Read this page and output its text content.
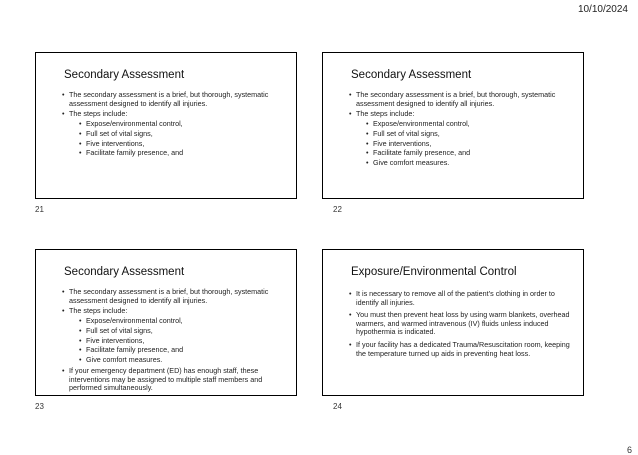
10/10/2024
Secondary Assessment
• The secondary assessment is a brief, but thorough, systematic assessment designed to identify all injuries.
• The steps include:
• Expose/environmental control,
• Full set of vital signs,
• Five interventions,
• Facilitate family presence, and
21
Secondary Assessment
• The secondary assessment is a brief, but thorough, systematic assessment designed to identify all injuries.
• The steps include:
• Expose/environmental control,
• Full set of vital signs,
• Five interventions,
• Facilitate family presence, and
• Give comfort measures.
22
Secondary Assessment
• The secondary assessment is a brief, but thorough, systematic assessment designed to identify all injuries.
• The steps include:
• Expose/environmental control,
• Full set of vital signs,
• Five interventions,
• Facilitate family presence, and
• Give comfort measures.
• If your emergency department (ED) has enough staff, these interventions may be assigned to multiple staff members and performed simultaneously.
23
Exposure/Environmental Control
• It is necessary to remove all of the patient’s clothing in order to identify all injuries.
• You must then prevent heat loss by using warm blankets, overhead warmers, and warmed intravenous (IV) fluids unless induced hypothermia is indicated.
• If your facility has a dedicated Trauma/Resuscitation room, keeping the temperature turned up aids in preventing heat loss.
24
6
